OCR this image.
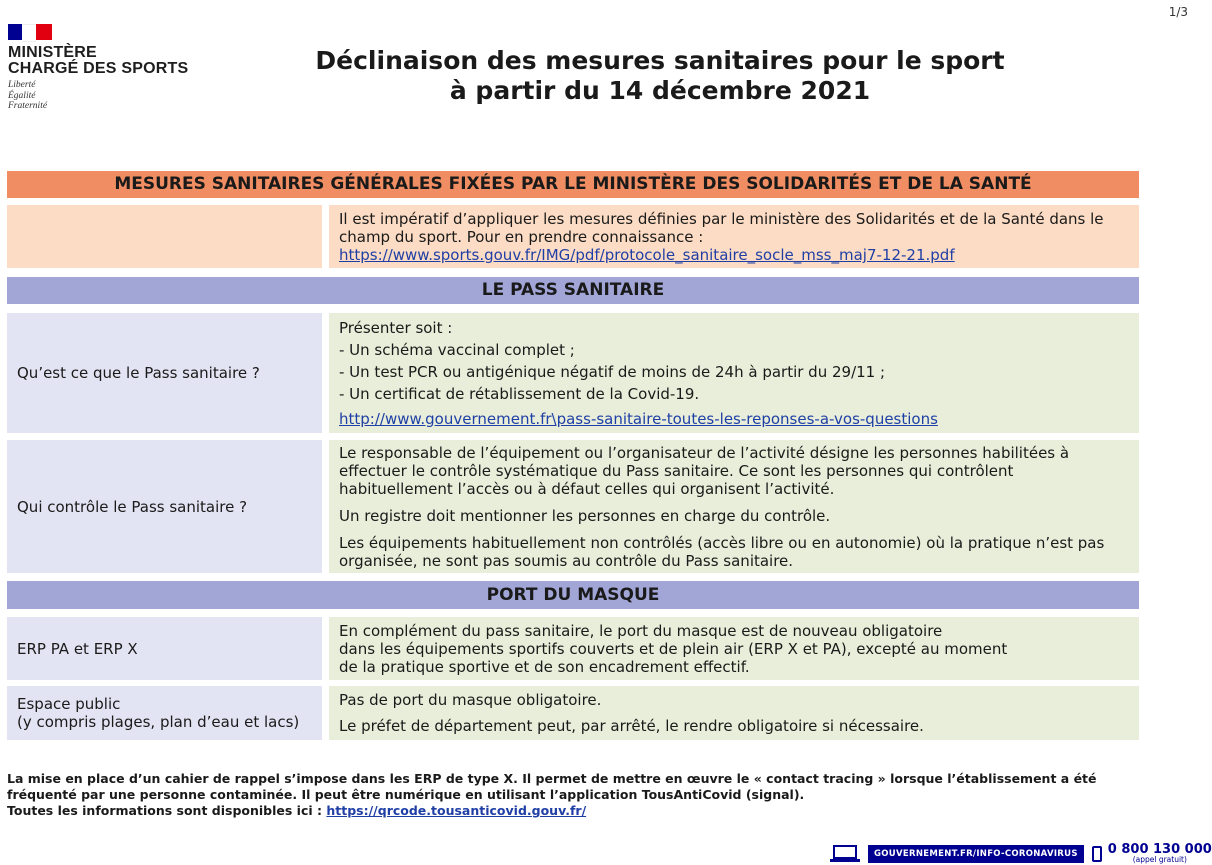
1/3
MINISTÈRE
CHARGÉ DES SPORTS
Liberté
Égalité
Fraternité
Déclinaison des mesures sanitaires pour le sport
à partir du 14 décembre 2021
MESURES SANITAIRES GÉNÉRALES FIXÉES PAR LE MINISTÈRE DES SOLIDARITÉS ET DE LA SANTÉ

Il est impératif d’appliquer les mesures définies par le ministère des Solidarités et de la Santé dans le champ du sport. Pour en prendre connaissance :

https://www.sports.gouv.fr/IMG/pdf/protocole_sanitaire_socle_mss_maj7-12-21.pdf

LE PASS SANITAIRE
Qu’est ce que le Pass sanitaire ?

Présenter soit :

- Un schéma vaccinal complet ;

- Un test PCR ou antigénique négatif de moins de 24h à partir du 29/11 ;

- Un certificat de rétablissement de la Covid-19.

http://www.gouvernement.fr\pass-sanitaire-toutes-les-reponses-a-vos-questions

Qui contrôle le Pass sanitaire ?

Le responsable de l’équipement ou l’organisateur de l’activité désigne les personnes habilitées à effectuer le contrôle systématique du Pass sanitaire. Ce sont les personnes qui contrôlent habituellement l’accès ou à défaut celles qui organisent l’activité.

Un registre doit mentionner les personnes en charge du contrôle.

Les équipements habituellement non contrôlés (accès libre ou en autonomie) où la pratique n’est pas organisée, ne sont pas soumis au contrôle du Pass sanitaire.

PORT DU MASQUE
ERP PA et ERP X

En complément du pass sanitaire, le port du masque est de nouveau obligatoire

dans les équipements sportifs couverts et de plein air (ERP X et PA), excepté au moment

de la pratique sportive et de son encadrement effectif.

Espace public
(y compris plages, plan d’eau et lacs)

Pas de port du masque obligatoire.

Le préfet de département peut, par arrêté, le rendre obligatoire si nécessaire.

La mise en place d’un cahier de rappel s’impose dans les ERP de type X. Il permet de mettre en œuvre le « contact tracing » lorsque l’établissement a été fréquenté par une personne contaminée. Il peut être numérique en utilisant l’application TousAntiCovid (signal).

Toutes les informations sont disponibles ici : https://qrcode.tousanticovid.gouv.fr/

GOUVERNEMENT.FR/INFO-CORONAVIRUS	0 800 130 000
(appel gratuit)
